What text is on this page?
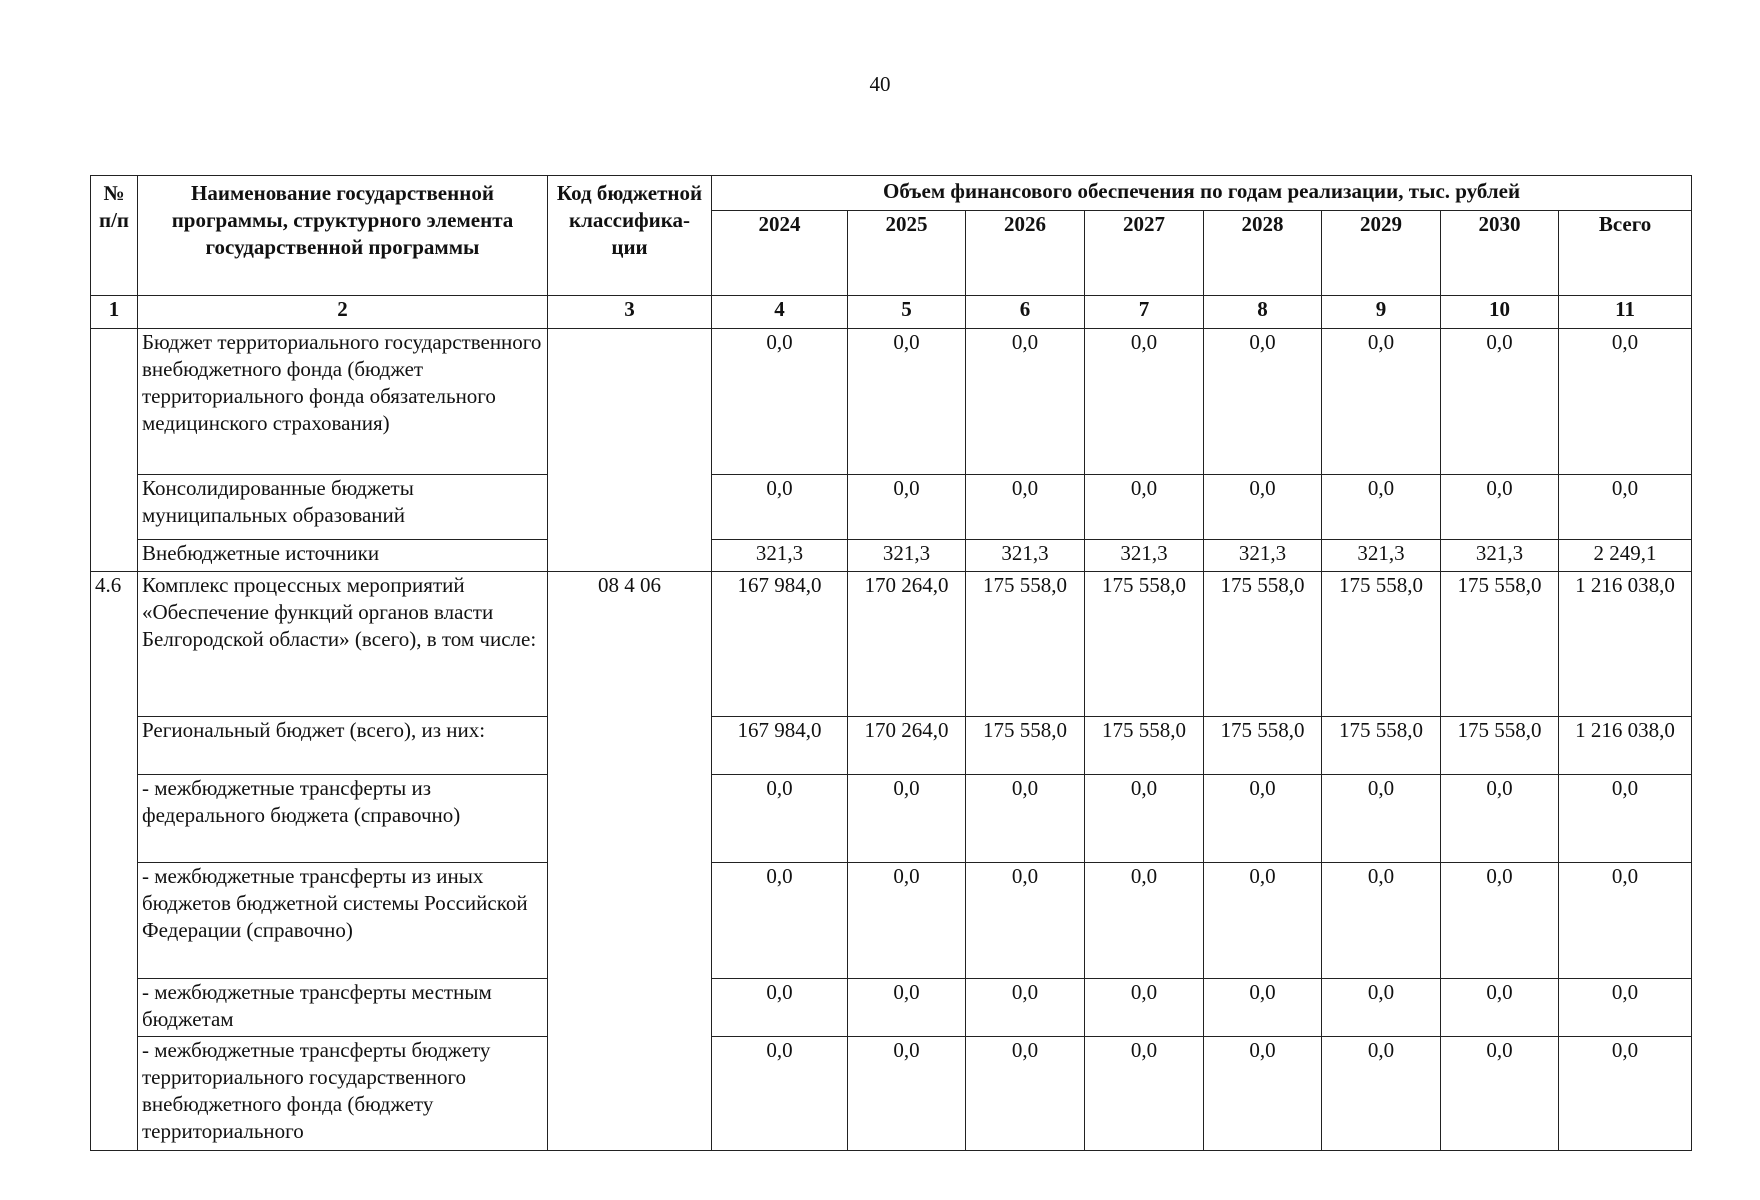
40
№ п/п	Наименование государственной программы, структурного элемента государственной программы	Код бюджетной классифика-ции	Объем финансового обеспечения по годам реализации, тыс. рублей							
			2024	2025	2026	2027	2028	2029	2030	Всего
1	2	3	4	5	6	7	8	9	10	11
	Бюджет территориального государственного внебюджетного фонда (бюджет территориального фонда обязательного медицинского страхования)		0,0	0,0	0,0	0,0	0,0	0,0	0,0	0,0
	Консолидированные бюджеты муниципальных образований		0,0	0,0	0,0	0,0	0,0	0,0	0,0	0,0
	Внебюджетные источники		321,3	321,3	321,3	321,3	321,3	321,3	321,3	2 249,1
4.6	Комплекс процессных мероприятий «Обеспечение функций органов власти Белгородской области» (всего), в том числе:	08 4 06	167 984,0	170 264,0	175 558,0	175 558,0	175 558,0	175 558,0	175 558,0	1 216 038,0
	Региональный бюджет (всего), из них:		167 984,0	170 264,0	175 558,0	175 558,0	175 558,0	175 558,0	175 558,0	1 216 038,0
	- межбюджетные трансферты из федерального бюджета (справочно)		0,0	0,0	0,0	0,0	0,0	0,0	0,0	0,0
	- межбюджетные трансферты из иных бюджетов бюджетной системы Российской Федерации (справочно)		0,0	0,0	0,0	0,0	0,0	0,0	0,0	0,0
	- межбюджетные трансферты местным бюджетам		0,0	0,0	0,0	0,0	0,0	0,0	0,0	0,0
	- межбюджетные трансферты бюджету территориального государственного внебюджетного фонда (бюджету территориального		0,0	0,0	0,0	0,0	0,0	0,0	0,0	0,0
